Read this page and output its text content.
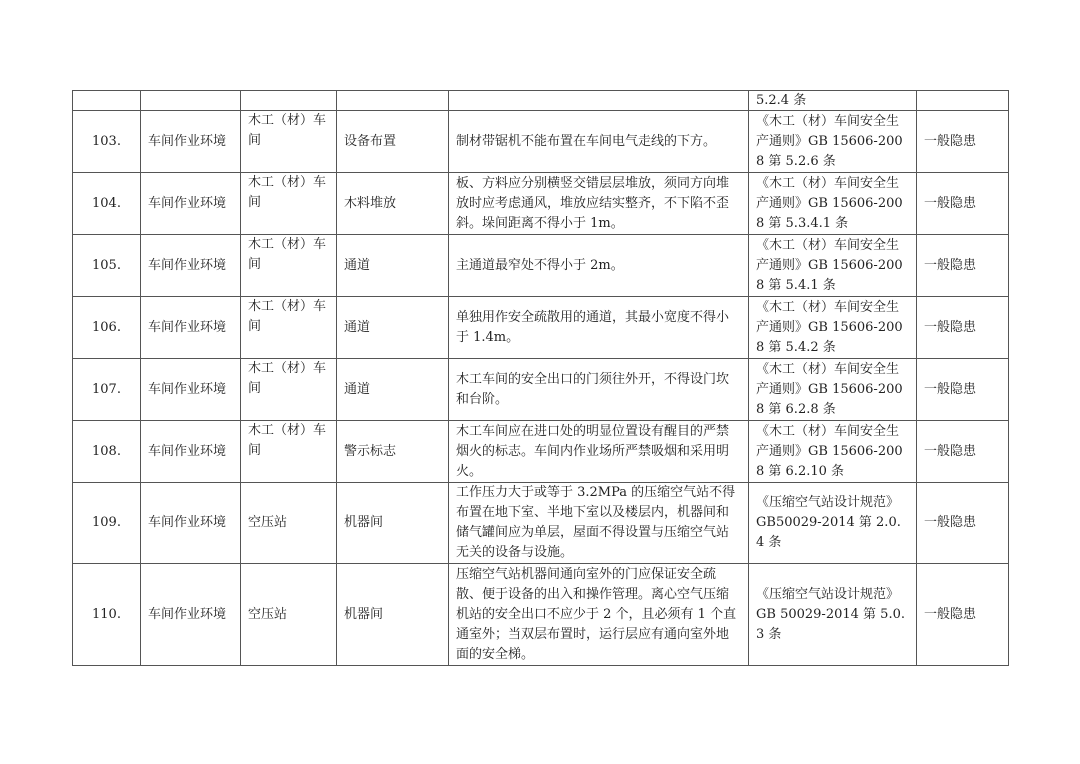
					5.2.4 条	
103.	车间作业环境	木工（材）车间	设备布置	制材带锯机不能布置在车间电气走线的下方。	《木工（材）车间安全生产通则》GB 15606-2008 第 5.2.6 条	一般隐患
104.	车间作业环境	木工（材）车间	木料堆放	板、方料应分别横竖交错层层堆放，须同方向堆放时应考虑通风，堆放应结实整齐，不下陷不歪斜。垛间距离不得小于 1m。	《木工（材）车间安全生产通则》GB 15606-2008 第 5.3.4.1 条	一般隐患
105.	车间作业环境	木工（材）车间	通道	主通道最窄处不得小于 2m。	《木工（材）车间安全生产通则》GB 15606-2008 第 5.4.1 条	一般隐患
106.	车间作业环境	木工（材）车间	通道	单独用作安全疏散用的通道，其最小宽度不得小于 1.4m。	《木工（材）车间安全生产通则》GB 15606-2008 第 5.4.2 条	一般隐患
107.	车间作业环境	木工（材）车间	通道	木工车间的安全出口的门须往外开，不得设门坎和台阶。	《木工（材）车间安全生产通则》GB 15606-2008 第 6.2.8 条	一般隐患
108.	车间作业环境	木工（材）车间	警示标志	木工车间应在进口处的明显位置设有醒目的严禁烟火的标志。车间内作业场所严禁吸烟和采用明火。	《木工（材）车间安全生产通则》GB 15606-2008 第 6.2.10 条	一般隐患
109.	车间作业环境	空压站	机器间	工作压力大于或等于 3.2MPa 的压缩空气站不得布置在地下室、半地下室以及楼层内，机器间和储气罐间应为单层，屋面不得设置与压缩空气站无关的设备与设施。	《压缩空气站设计规范》GB50029-2014 第 2.0.4 条	一般隐患
110.	车间作业环境	空压站	机器间	压缩空气站机器间通向室外的门应保证安全疏散、便于设备的出入和操作管理。离心空气压缩机站的安全出口不应少于 2 个，且必须有 1 个直通室外；当双层布置时，运行层应有通向室外地面的安全梯。	《压缩空气站设计规范》GB 50029-2014 第 5.0.3 条	一般隐患
